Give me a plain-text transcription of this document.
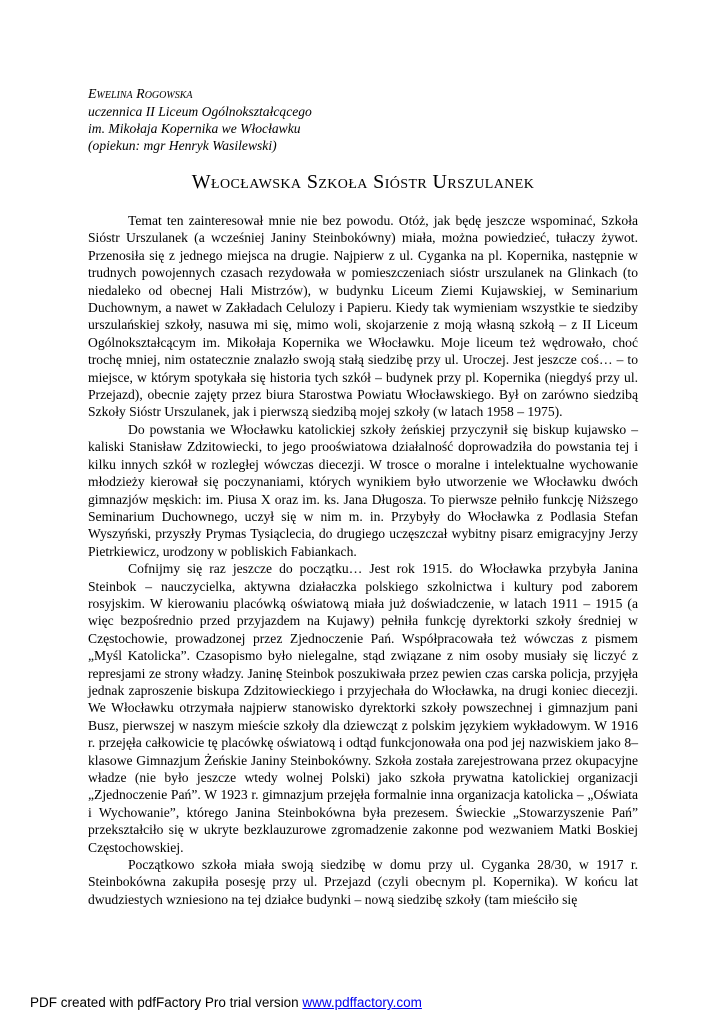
Ewelina Rogowska
uczennica II Liceum Ogólnokształcącego
im. Mikołaja Kopernika we Włocławku
(opiekun: mgr Henryk Wasilewski)
Włocławska Szkoła Sióstr Urszulanek

Temat ten zainteresował mnie nie bez powodu. Otóż, jak będę jeszcze wspominać, Szkoła Sióstr Urszulanek (a wcześniej Janiny Steinbokówny) miała, można powiedzieć, tułaczy żywot. Przenosiła się z jednego miejsca na drugie. Najpierw z ul. Cyganka na pl. Kopernika, następnie w trudnych powojennych czasach rezydowała w pomieszczeniach sióstr urszulanek na Glinkach (to niedaleko od obecnej Hali Mistrzów), w budynku Liceum Ziemi Kujawskiej, w Seminarium Duchownym, a nawet w Zakładach Celulozy i Papieru. Kiedy tak wymieniam wszystkie te siedziby urszulańskiej szkoły, nasuwa mi się, mimo woli, skojarzenie z moją własną szkołą – z II Liceum Ogólnokształcącym im. Mikołaja Kopernika we Włocławku. Moje liceum też wędrowało, choć trochę mniej, nim ostatecznie znalazło swoją stałą siedzibę przy ul. Uroczej. Jest jeszcze coś… – to miejsce, w którym spotykała się historia tych szkół – budynek przy pl. Kopernika (niegdyś przy ul. Przejazd), obecnie zajęty przez biura Starostwa Powiatu Włocławskiego. Był on zarówno siedzibą Szkoły Sióstr Urszulanek, jak i pierwszą siedzibą mojej szkoły (w latach 1958 – 1975).

Do powstania we Włocławku katolickiej szkoły żeńskiej przyczynił się biskup kujawsko – kaliski Stanisław Zdzitowiecki, to jego prooświatowa działalność doprowadziła do powstania tej i kilku innych szkół w rozległej wówczas diecezji. W trosce o moralne i intelektualne wychowanie młodzieży kierował się poczynaniami, których wynikiem było utworzenie we Włocławku dwóch gimnazjów męskich: im. Piusa X oraz im. ks. Jana Długosza. To pierwsze pełniło funkcję Niższego Seminarium Duchownego, uczył się w nim m. in. Przybyły do Włocławka z Podlasia Stefan Wyszyński, przyszły Prymas Tysiąclecia, do drugiego uczęszczał wybitny pisarz emigracyjny Jerzy Pietrkiewicz, urodzony w pobliskich Fabiankach.

Cofnijmy się raz jeszcze do początku… Jest rok 1915. do Włocławka przybyła Janina Steinbok – nauczycielka, aktywna działaczka polskiego szkolnictwa i kultury pod zaborem rosyjskim. W kierowaniu placówką oświatową miała już doświadczenie, w latach 1911 – 1915 (a więc bezpośrednio przed przyjazdem na Kujawy) pełniła funkcję dyrektorki szkoły średniej w Częstochowie, prowadzonej przez Zjednoczenie Pań. Współpracowała też wówczas z pismem „Myśl Katolicka”. Czasopismo było nielegalne, stąd związane z nim osoby musiały się liczyć z represjami ze strony władzy. Janinę Steinbok poszukiwała przez pewien czas carska policja, przyjęła jednak zaproszenie biskupa Zdzitowieckiego i przyjechała do Włocławka, na drugi koniec diecezji. We Włocławku otrzymała najpierw stanowisko dyrektorki szkoły powszechnej i gimnazjum pani Busz, pierwszej w naszym mieście szkoły dla dziewcząt z polskim językiem wykładowym. W 1916 r. przejęła całkowicie tę placówkę oświatową i odtąd funkcjonowała ona pod jej nazwiskiem jako 8–klasowe Gimnazjum Żeńskie Janiny Steinbokówny. Szkoła została zarejestrowana przez okupacyjne władze (nie było jeszcze wtedy wolnej Polski) jako szkoła prywatna katolickiej organizacji „Zjednoczenie Pań”. W 1923 r. gimnazjum przejęła formalnie inna organizacja katolicka – „Oświata i Wychowanie”, którego Janina Steinbokówna była prezesem. Świeckie „Stowarzyszenie Pań” przekształciło się w ukryte bezklauzurowe zgromadzenie zakonne pod wezwaniem Matki Boskiej Częstochowskiej.

Początkowo szkoła miała swoją siedzibę w domu przy ul. Cyganka 28/30, w 1917 r. Steinbokówna zakupiła posesję przy ul. Przejazd (czyli obecnym pl. Kopernika). W końcu lat dwudziestych wzniesiono na tej działce budynki – nową siedzibę szkoły (tam mieściło się

PDF created with pdfFactory Pro trial version www.pdffactory.com
